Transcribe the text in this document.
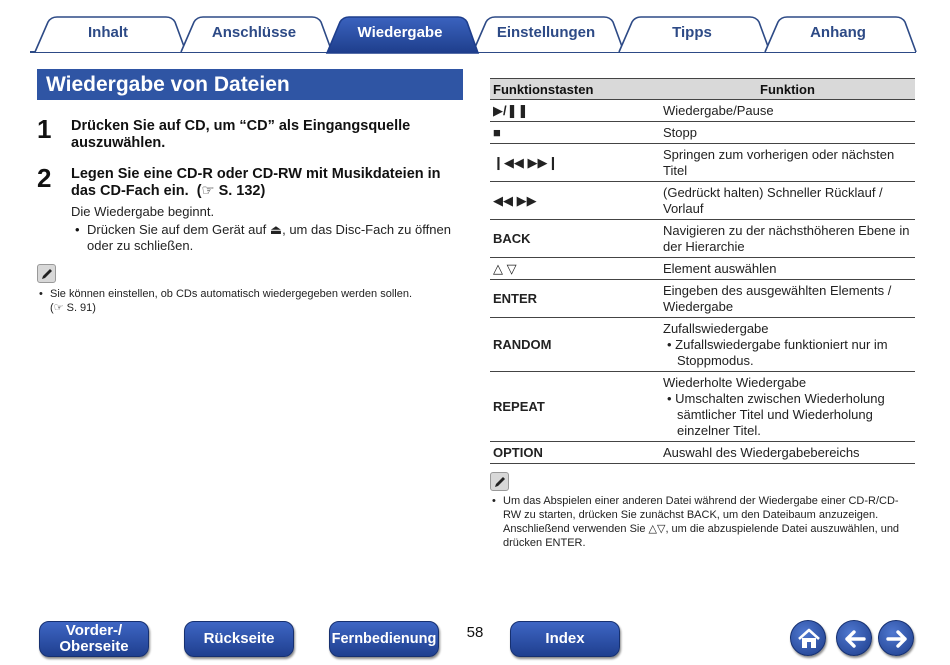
Inhalt	Anschlüsse	Wiedergabe	Einstellungen	Tipps	Anhang
Wiedergabe von Dateien
1 Drücken Sie auf CD, um “CD” als Eingangsquelle auszuwählen.
2 Legen Sie eine CD-R oder CD-RW mit Musikdateien in das CD-Fach ein.  (☞ S. 132)
Die Wiedergabe beginnt.
• Drücken Sie auf dem Gerät auf ⏏, um das Disc-Fach zu öffnen oder zu schließen.
• Sie können einstellen, ob CDs automatisch wiedergegeben werden sollen.
(☞ S. 91)
Funktionstasten	Funktion
▶/❚❚	Wiedergabe/Pause
■	Stopp
❙◀◀ ▶▶❙	Springen zum vorherigen oder nächsten Titel
◀◀ ▶▶	(Gedrückt halten) Schneller Rücklauf / Vorlauf
BACK	Navigieren zu der nächsthöheren Ebene in der Hierarchie
△ ▽	Element auswählen
ENTER	Eingeben des ausgewählten Elements / Wiedergabe
RANDOM	Zufallswiedergabe
• Zufallswiedergabe funktioniert nur im Stoppmodus.

REPEAT	Wiederholte Wiedergabe
• Umschalten zwischen Wiederholung sämtlicher Titel und Wiederholung einzelner Titel.

OPTION	Auswahl des Wiedergabebereichs
• Um das Abspielen einer anderen Datei während der Wiedergabe einer CD-R/CD-RW zu starten, drücken Sie zunächst BACK, um den Dateibaum anzuzeigen. Anschließend verwenden Sie △▽, um die abzuspielende Datei auszuwählen, und drücken ENTER.
Vorder-/
Oberseite	Rückseite	Fernbedienung	58	Index
